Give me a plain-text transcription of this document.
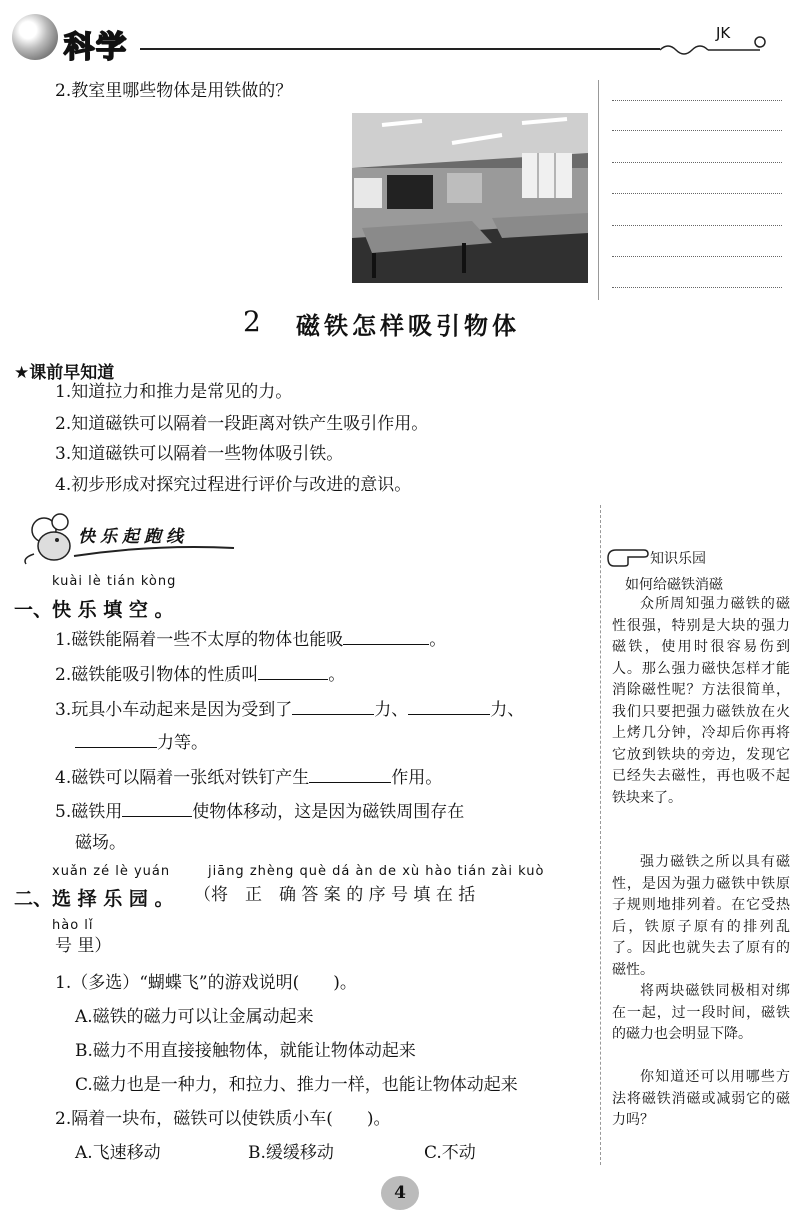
科学	JK
2.教室里哪些物体是用铁做的？
2 磁铁怎样吸引物体
★课前早知道
1.知道拉力和推力是常见的力。
2.知道磁铁可以隔着一段距离对铁产生吸引作用。
3.知道磁铁可以隔着一些物体吸引铁。
4.初步形成对探究过程进行评价与改进的意识。
快乐起跑线
kuài lè tián kòng
一、快 乐 填 空 。
1.磁铁能隔着一些不太厚的物体也能吸	。
2.磁铁能吸引物体的性质叫	。
3.玩具小车动起来是因为受到了	力、	力、
力等。
4.磁铁可以隔着一张纸对铁钉产生	作用。
5.磁铁用	使物体移动，这是因为磁铁周围存在
磁场。
xuǎn zé lè yuán	jiāng zhèng què dá àn de xù hào tián zài kuò
二、选 择 乐 园 。 （将　正　确 答 案 的 序 号 填 在 括
hào lǐ
号 里）
1.（多选）“蝴蝶飞”的游戏说明(　　)。
A.磁铁的磁力可以让金属动起来
B.磁力不用直接接触物体，就能让物体动起来
C.磁力也是一种力，和拉力、推力一样，也能让物体动起来
2.隔着一块布，磁铁可以使铁质小车(　　)。
A.飞速移动	B.缓缓移动	C.不动
知识乐园
如何给磁铁消磁
众所周知强力磁铁的磁性很强，特别是大块的强力磁铁，使用时很容易伤到人。那么强力磁快怎样才能消除磁性呢？方法很简单，我们只要把强力磁铁放在火上烤几分钟，冷却后你再将它放到铁块的旁边，发现它已经失去磁性，再也吸不起铁块来了。
强力磁铁之所以具有磁性，是因为强力磁铁中铁原子规则地排列着。在它受热后，铁原子原有的排列乱了。因此也就失去了原有的磁性。
将两块磁铁同极相对绑在一起，过一段时间，磁铁的磁力也会明显下降。
你知道还可以用哪些方法将磁铁消磁或减弱它的磁力吗？
4
